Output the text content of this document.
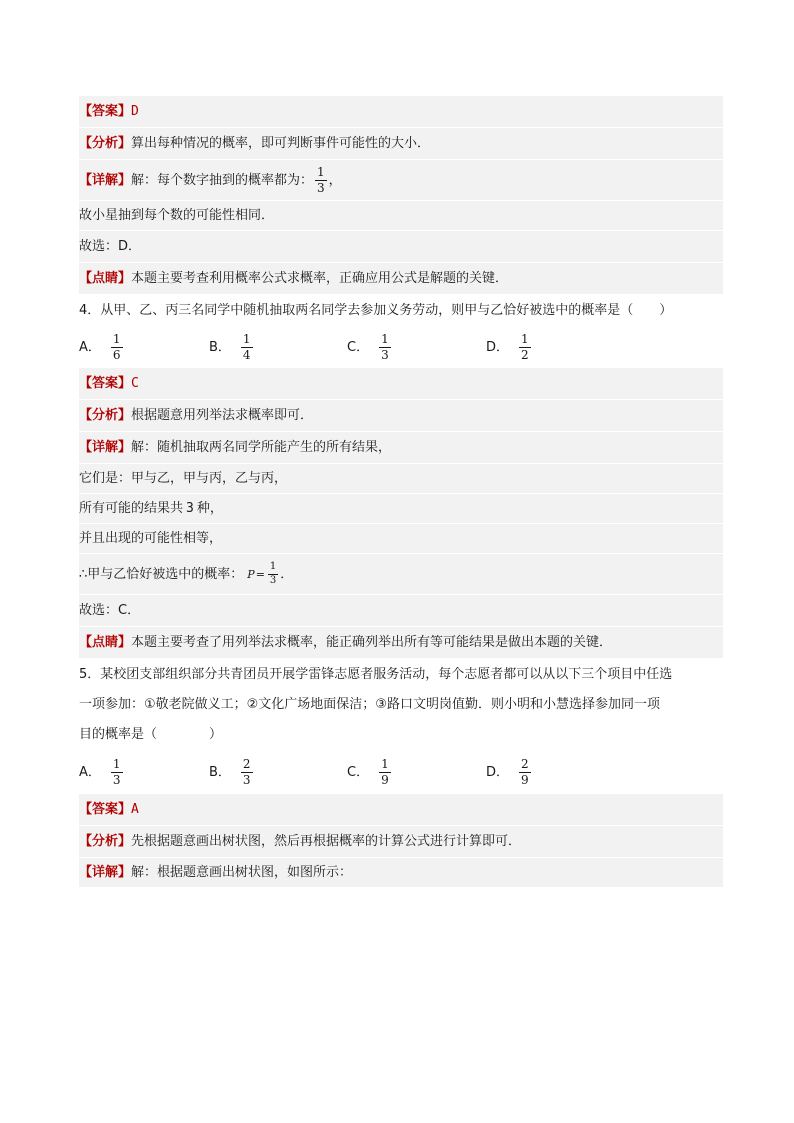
【答案】 D
【分析】 算出每种情况的概率，即可判断事件可能性的大小．
【详解】 解：每个数字抽到的概率都为： $\frac{1}{3}$ ，
故小星抽到每个数的可能性相同．
故选：D．
【点睛】 本题主要考查利用概率公式求概率，正确应用公式是解题的关键．
4．从甲、乙、丙三名同学中随机抽取两名同学去参加义务劳动，则甲与乙恰好被选中的概率是（　　）
A． $\frac{1}{6}$	B． $\frac{1}{4}$	C． $\frac{1}{3}$	D． $\frac{1}{2}$
【答案】 C
【分析】 根据题意用列举法求概率即可．
【详解】 解：随机抽取两名同学所能产生的所有结果，
它们是：甲与乙，甲与丙，乙与丙，
所有可能的结果共 3 种，
并且出现的可能性相等，
∴甲与乙恰好被选中的概率： $P = \frac{1}{3}$ ．
故选：C．
【点睛】 本题主要考查了用列举法求概率，能正确列举出所有等可能结果是做出本题的关键．
5．某校团支部组织部分共青团员开展学雷锋志愿者服务活动，每个志愿者都可以从以下三个项目中任选
一项参加：①敬老院做义工；②文化广场地面保洁；③路口文明岗值勤．则小明和小慧选择参加同一项
目的概率是（　　　　）
A． $\frac{1}{3}$	B． $\frac{2}{3}$	C． $\frac{1}{9}$	D． $\frac{2}{9}$
【答案】 A
【分析】 先根据题意画出树状图，然后再根据概率的计算公式进行计算即可．
【详解】 解：根据题意画出树状图，如图所示：
